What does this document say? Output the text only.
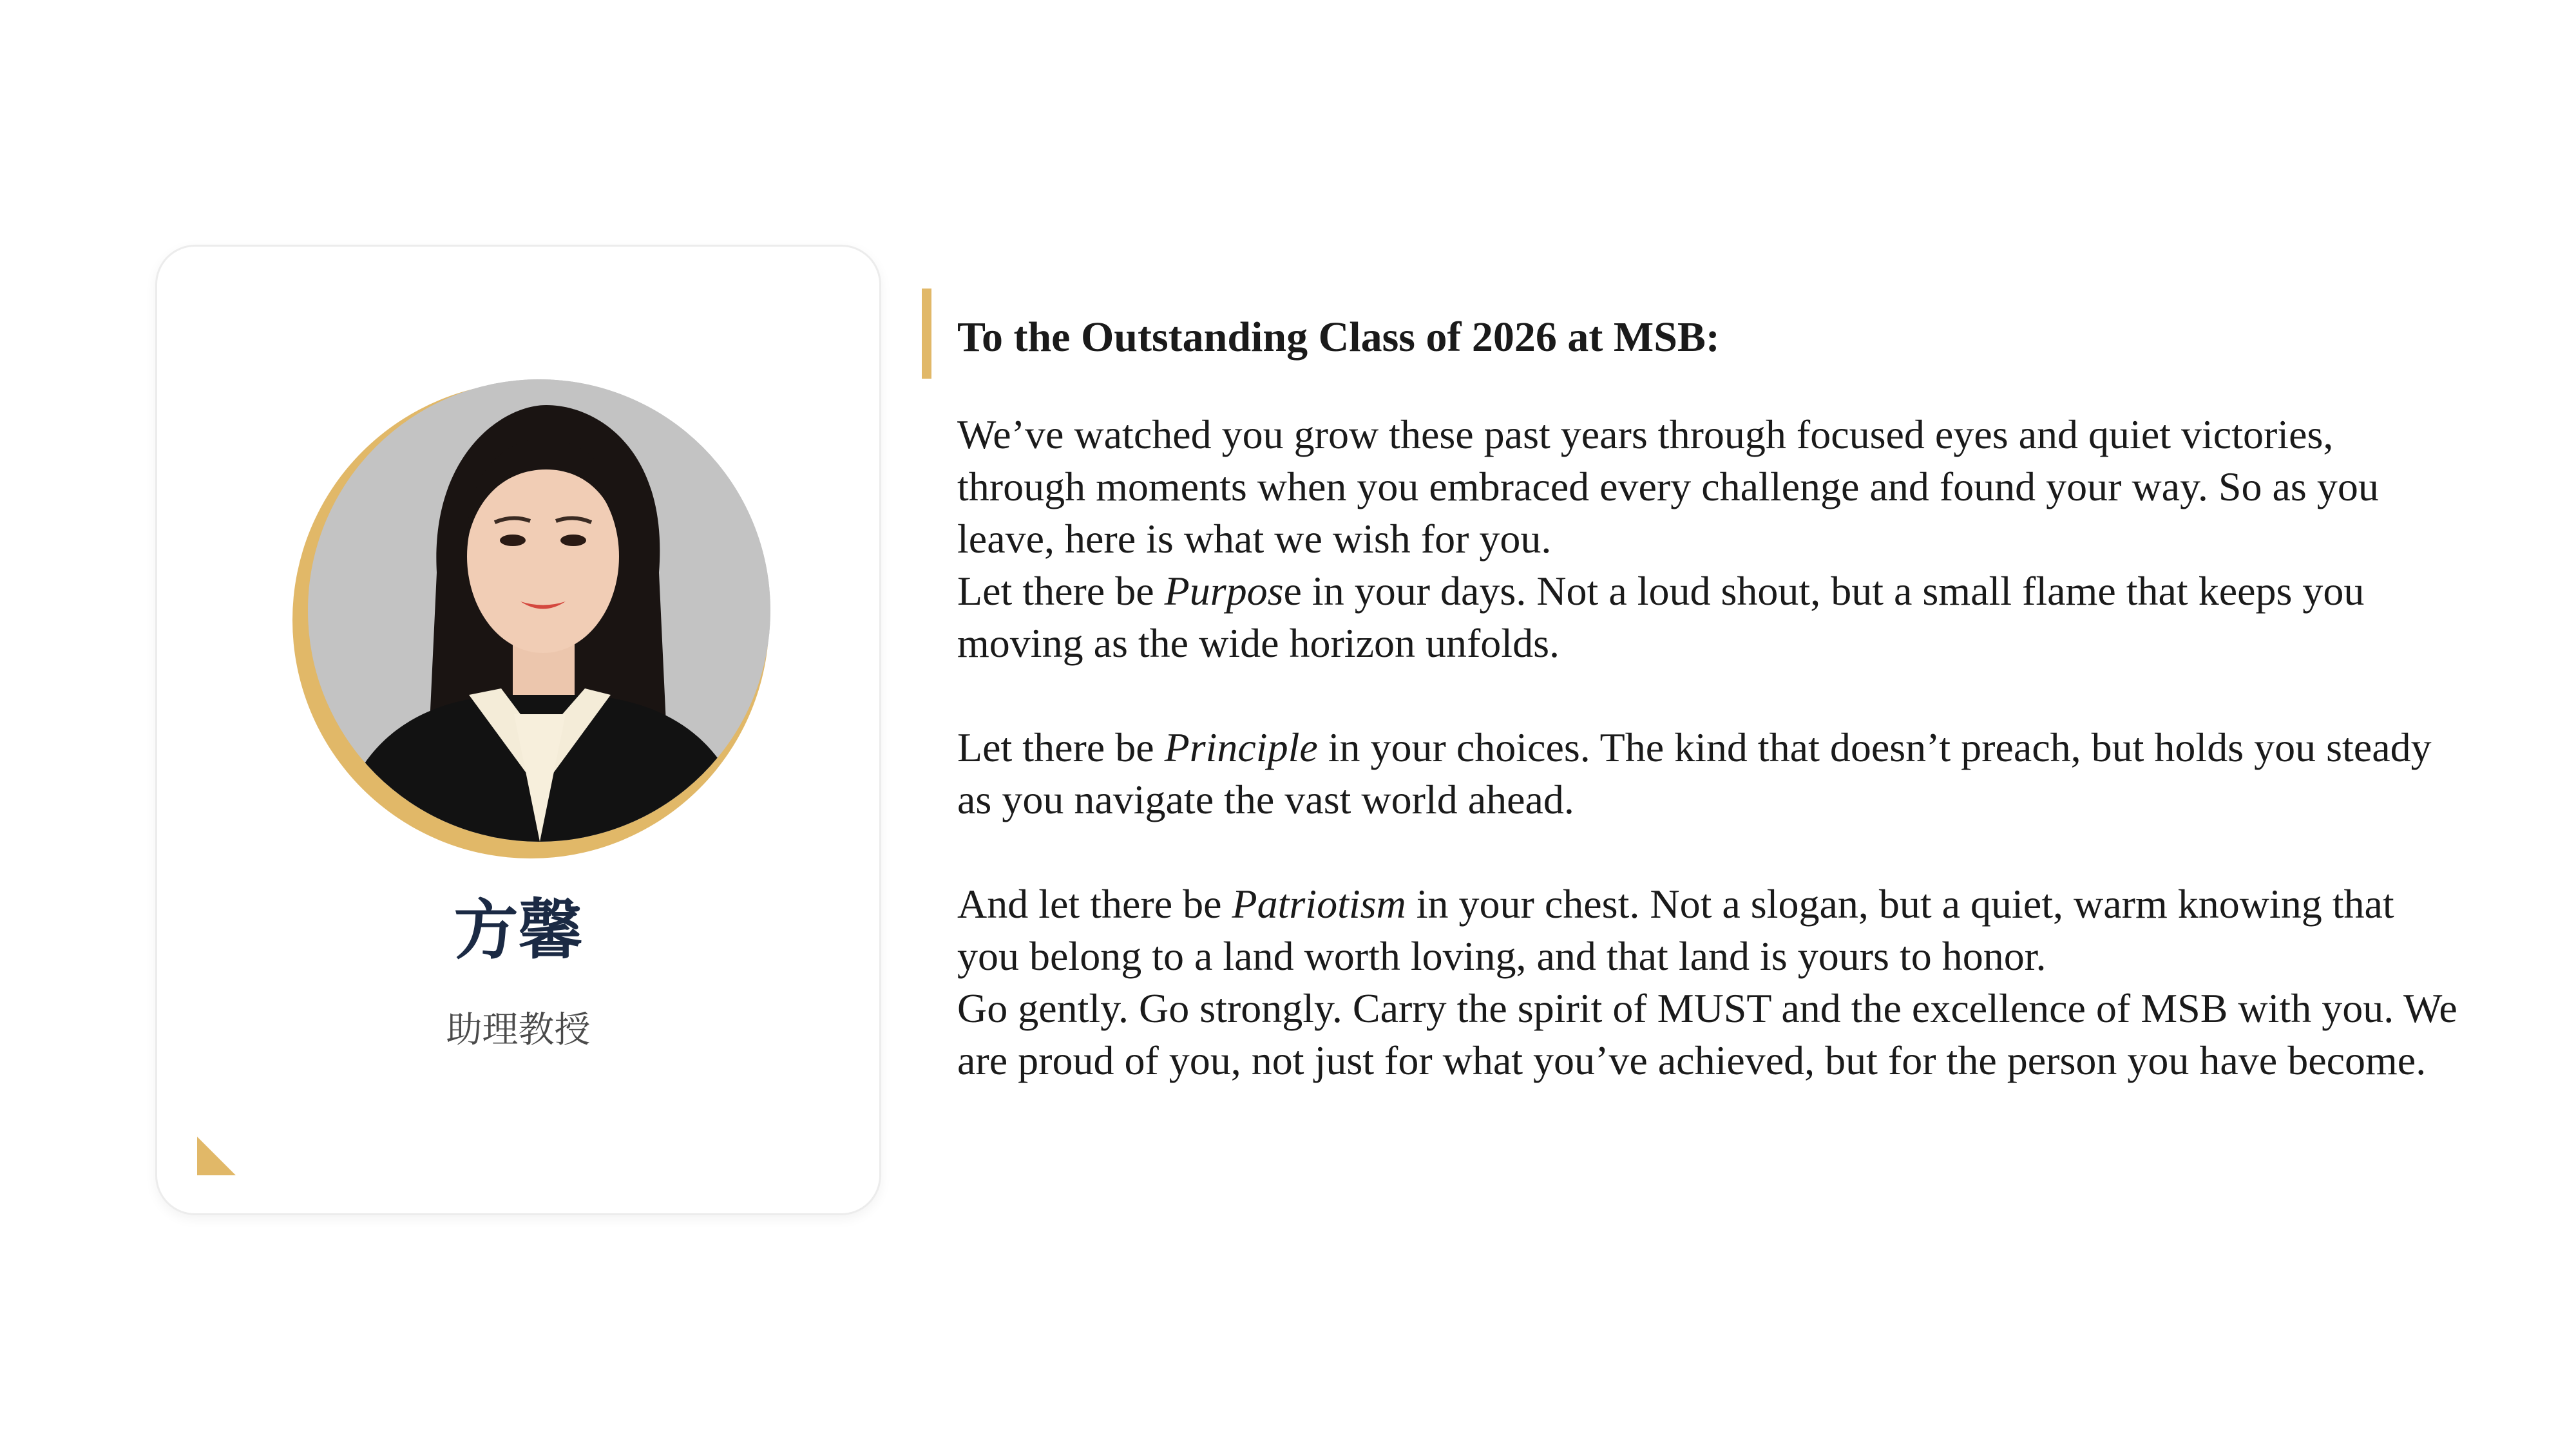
方馨
助理教授
To the Outstanding Class of 2026 at MSB:

We’ve watched you grow these past years through focused eyes and quiet victories, through moments when you embraced every challenge and found your way. So as you leave, here is what we wish for you.

Let there be Purpose in your days. Not a loud shout, but a small flame that keeps you moving as the wide horizon unfolds.

Let there be Principle in your choices. The kind that doesn’t preach, but holds you steady as you navigate the vast world ahead.

And let there be Patriotism in your chest. Not a slogan, but a quiet, warm knowing that you belong to a land worth loving, and that land is yours to honor.

Go gently. Go strongly. Carry the spirit of MUST and the excellence of MSB with you. We are proud of you, not just for what you’ve achieved, but for the person you have become.
